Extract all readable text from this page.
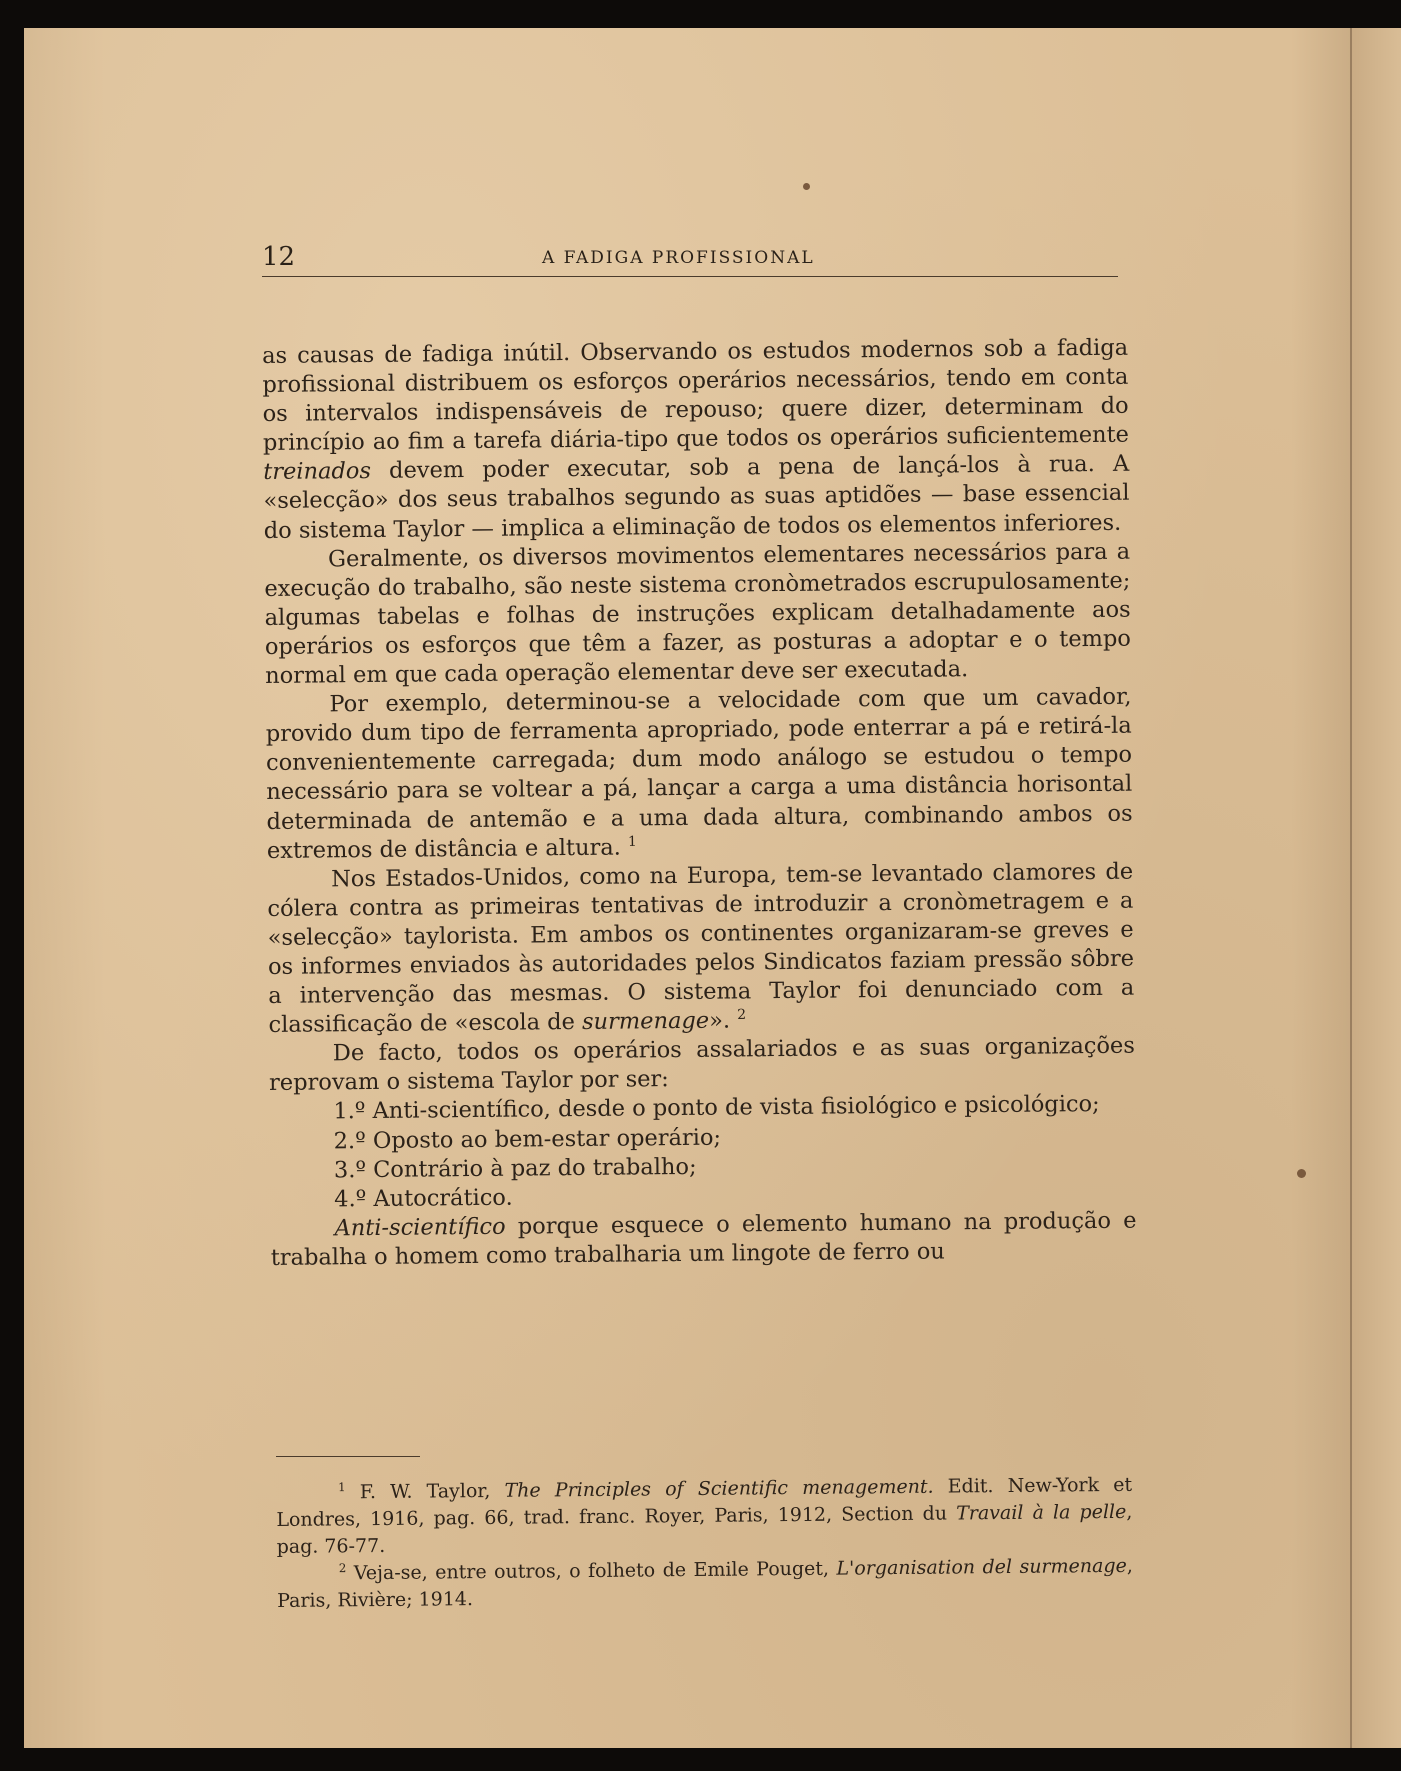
12	A FADIGA PROFISSIONAL

as causas de fadiga inútil. Observando os estudos modernos sob a fadiga profissional distribuem os esforços operários necessários, tendo em conta os intervalos indispensáveis de repouso; quere dizer, determinam do princípio ao fim a tarefa diária-tipo que todos os operários suficientemente treinados devem poder executar, sob a pena de lançá-los à rua. A «selecção» dos seus trabalhos segundo as suas aptidões — base essencial do sistema Taylor — implica a eliminação de todos os elementos inferiores.

Geralmente, os diversos movimentos elementares necessários para a execução do trabalho, são neste sistema cronòmetrados escrupulosamente; algumas tabelas e folhas de instruções explicam detalhadamente aos operários os esforços que têm a fazer, as posturas a adoptar e o tempo normal em que cada operação elementar deve ser executada.

Por exemplo, determinou-se a velocidade com que um cavador, provido dum tipo de ferramenta apropriado, pode enterrar a pá e retirá-la convenientemente carregada; dum modo análogo se estudou o tempo necessário para se voltear a pá, lançar a carga a uma distância horisontal determinada de antemão e a uma dada altura, combinando ambos os extremos de distância e altura. $^1$

Nos Estados-Unidos, como na Europa, tem-se levantado clamores de cólera contra as primeiras tentativas de introduzir a cronòmetragem e a «selecção» taylorista. Em ambos os continentes organizaram-se greves e os informes enviados às autoridades pelos Sindicatos faziam pressão sôbre a intervenção das mesmas. O sistema Taylor foi denunciado com a classificação de «escola de surmenage». $^2$

De facto, todos os operários assalariados e as suas organizações reprovam o sistema Taylor por ser:

1.º Anti-scientífico, desde o ponto de vista fisiológico e psicológico;

2.º Oposto ao bem-estar operário;

3.º Contrário à paz do trabalho;

4.º Autocrático.

Anti-scientífico porque esquece o elemento humano na produção e trabalha o homem como trabalharia um lingote de ferro ou

$^1$ F. W. Taylor, The Principles of Scientific menagement. Edit. New-York et Londres, 1916, pag. 66, trad. franc. Royer, Paris, 1912, Section du Travail à la pelle, pag. 76-77.

$^2$ Veja-se, entre outros, o folheto de Emile Pouget, L'organisation del surmenage, Paris, Rivière; 1914.
